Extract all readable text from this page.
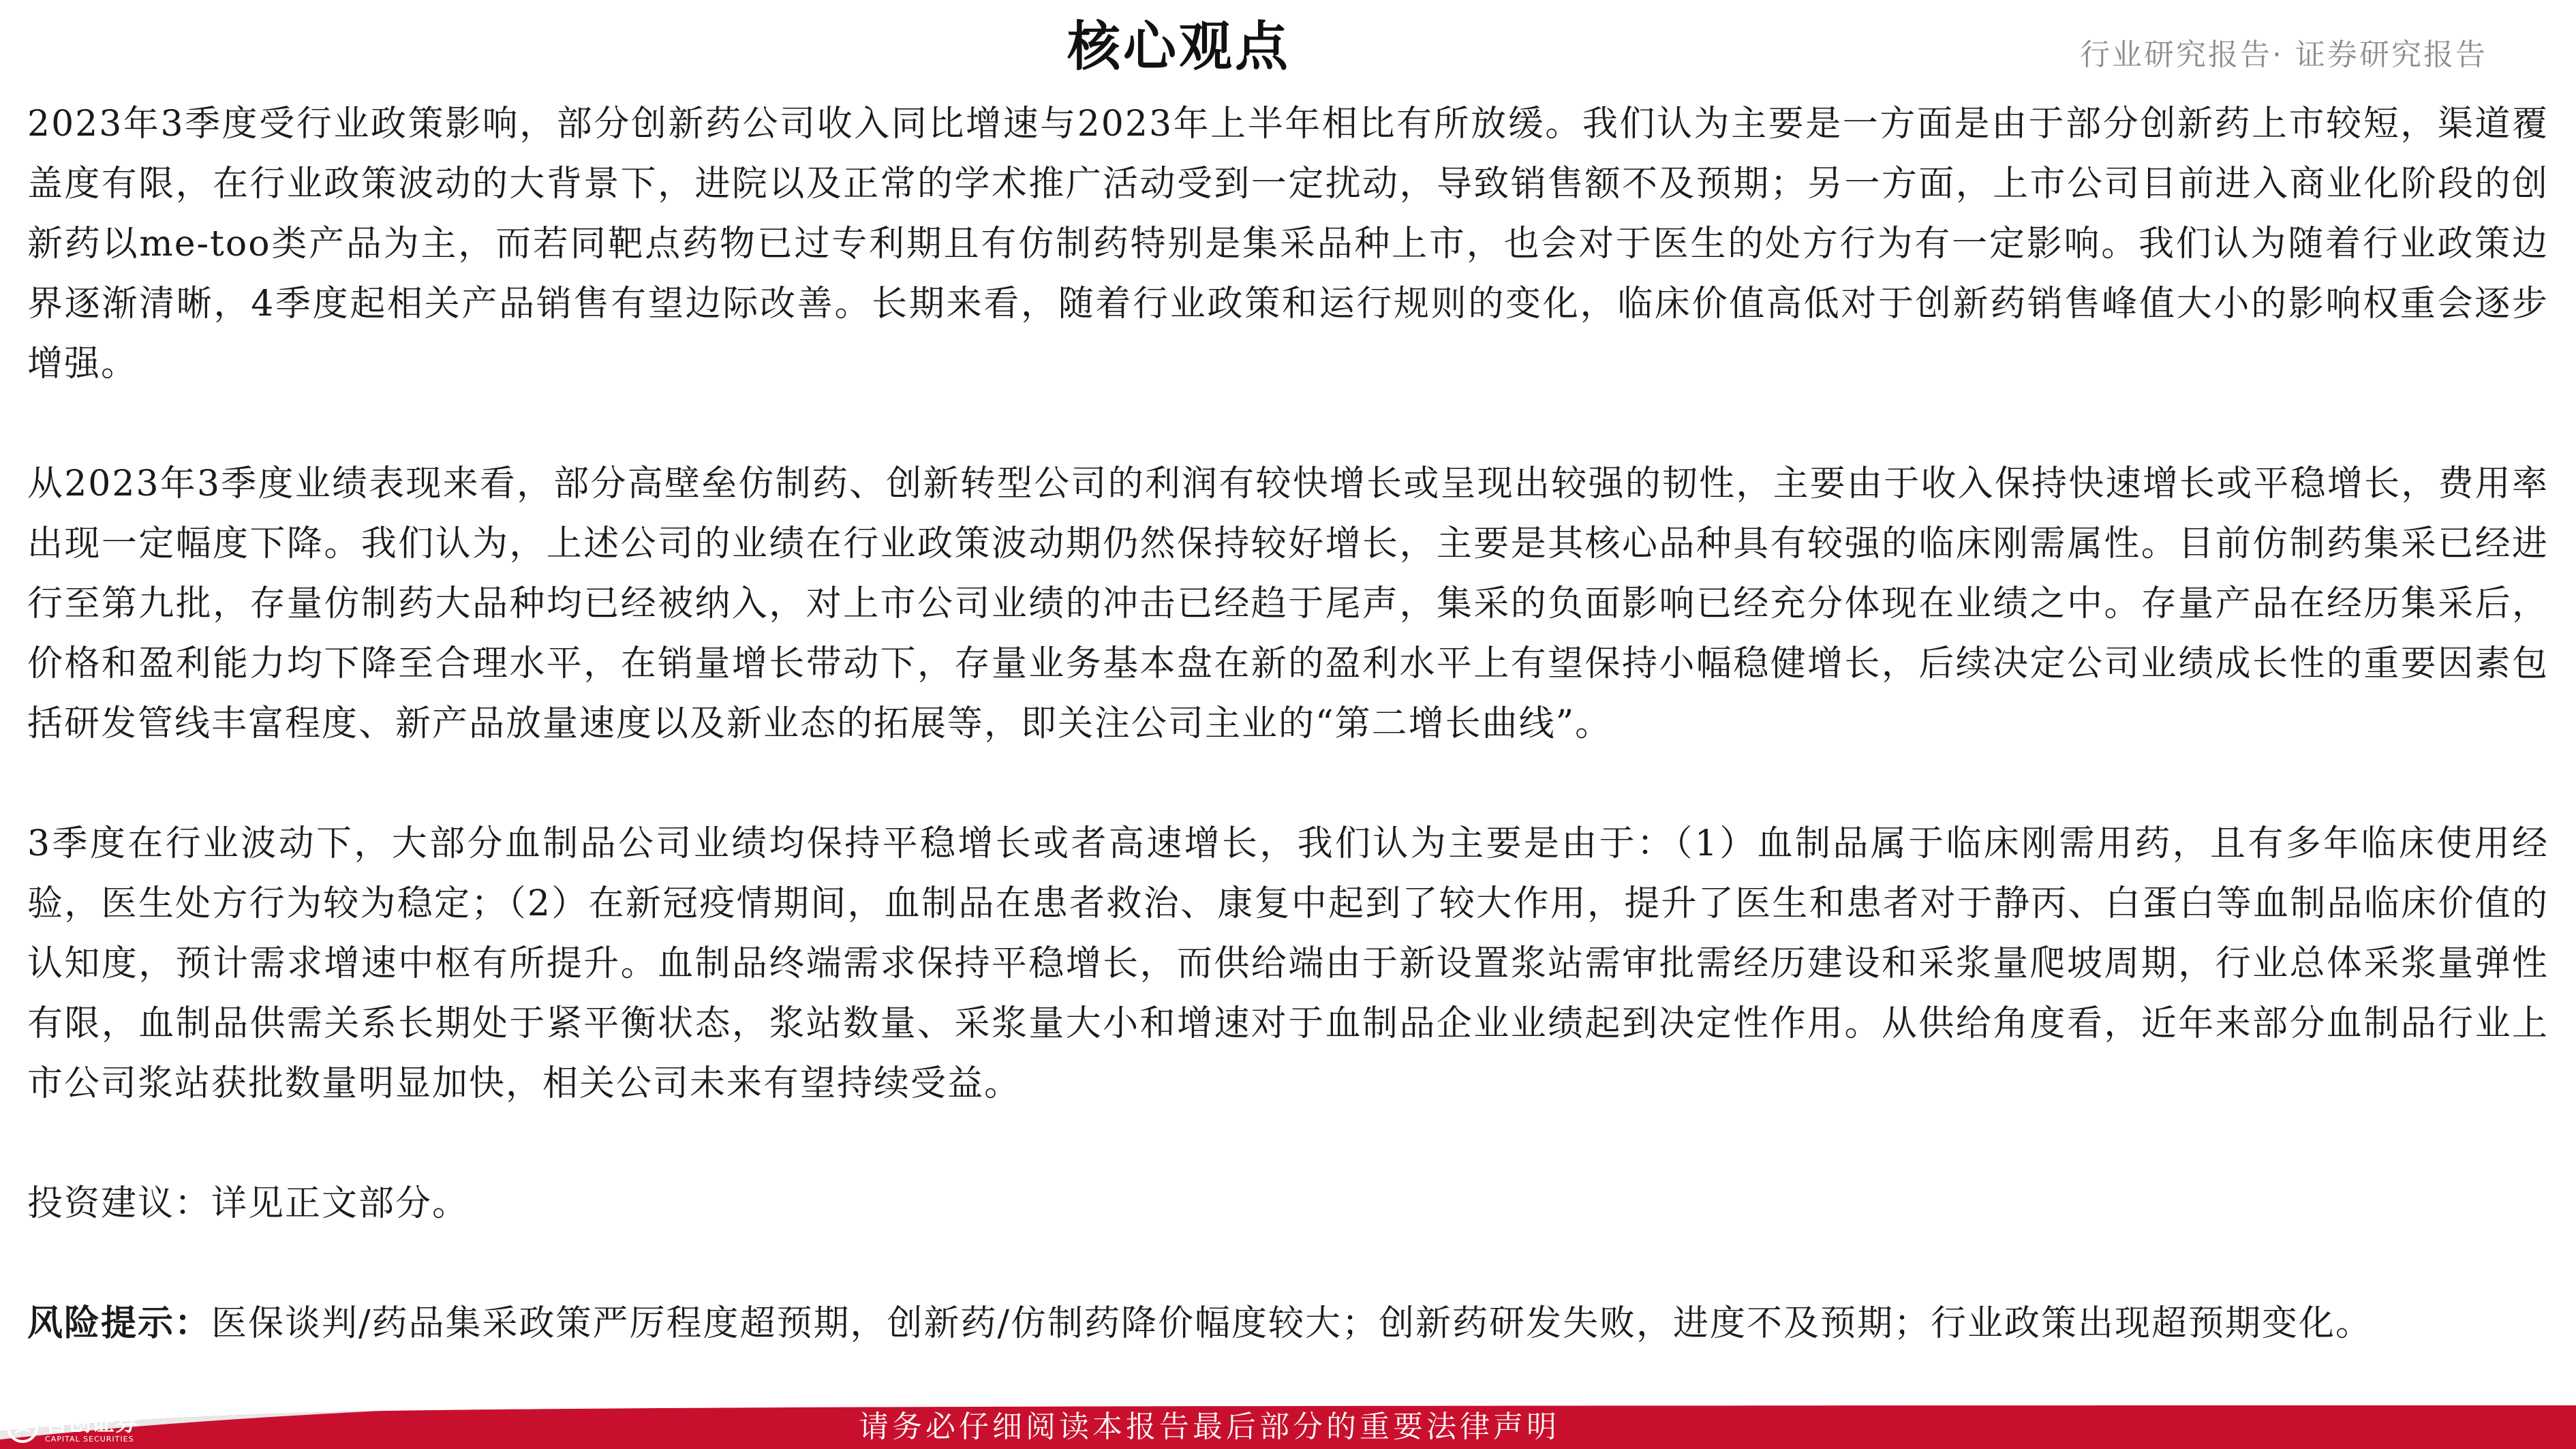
核心观点	行业研究报告· 证券研究报告

2023年3季度受行业政策影响，部分创新药公司收入同比增速与2023年上半年相比有所放缓。我们认为主要是一方面是由于部分创新药上市较短，渠道覆盖度有限，在行业政策波动的大背景下，进院以及正常的学术推广活动受到一定扰动，导致销售额不及预期；另一方面，上市公司目前进入商业化阶段的创新药以me-too类产品为主，而若同靶点药物已过专利期且有仿制药特别是集采品种上市，也会对于医生的处方行为有一定影响。我们认为随着行业政策边界逐渐清晰，4季度起相关产品销售有望边际改善。长期来看，随着行业政策和运行规则的变化，临床价值高低对于创新药销售峰值大小的影响权重会逐步增强。

从2023年3季度业绩表现来看，部分高壁垒仿制药、创新转型公司的利润有较快增长或呈现出较强的韧性，主要由于收入保持快速增长或平稳增长，费用率出现一定幅度下降。我们认为，上述公司的业绩在行业政策波动期仍然保持较好增长，主要是其核心品种具有较强的临床刚需属性。目前仿制药集采已经进行至第九批，存量仿制药大品种均已经被纳入，对上市公司业绩的冲击已经趋于尾声，集采的负面影响已经充分体现在业绩之中。存量产品在经历集采后，价格和盈利能力均下降至合理水平，在销量增长带动下，存量业务基本盘在新的盈利水平上有望保持小幅稳健增长，后续决定公司业绩成长性的重要因素包括研发管线丰富程度、新产品放量速度以及新业态的拓展等，即关注公司主业的“第二增长曲线”。

3季度在行业波动下，大部分血制品公司业绩均保持平稳增长或者高速增长，我们认为主要是由于：（1）血制品属于临床刚需用药，且有多年临床使用经验，医生处方行为较为稳定；（2）在新冠疫情期间，血制品在患者救治、康复中起到了较大作用，提升了医生和患者对于静丙、白蛋白等血制品临床价值的认知度，预计需求增速中枢有所提升。血制品终端需求保持平稳增长，而供给端由于新设置浆站需审批需经历建设和采浆量爬坡周期，行业总体采浆量弹性有限，血制品供需关系长期处于紧平衡状态，浆站数量、采浆量大小和增速对于血制品企业业绩起到决定性作用。从供给角度看，近年来部分血制品行业上市公司浆站获批数量明显加快，相关公司未来有望持续受益。

投资建议：详见正文部分。

风险提示：医保谈判/药品集采政策严厉程度超预期，创新药/仿制药降价幅度较大；创新药研发失败，进度不及预期；行业政策出现超预期变化。

请务必仔细阅读本报告最后部分的重要法律声明
首创证券
CAPITAL SECURITIES
